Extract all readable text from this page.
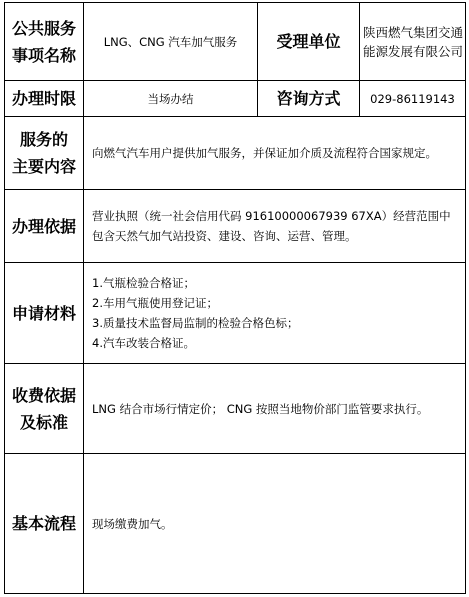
公共服务
事项名称	LNG、CNG 汽车加气服务	受理单位	陕西燃气集团交通能源发展有限公司
办理时限	当场办结	咨询方式	029-86119143

服务的
主要内容	向燃气汽车用户提供加气服务，并保证加介质及流程符合国家规定。		
办理依据	营业执照（统一社会信用代码 91610000067939 67XA）经营范围中包含天然气加气站投资、建设、咨询、运营、管理。		
申请材料	1.气瓶检验合格证；
2.车用气瓶使用登记证；
3.质量技术监督局监制的检验合格色标；
4.汽车改装合格证。		

收费依据
及标准	LNG 结合市场行情定价； CNG 按照当地物价部门监管要求执行。		
基本流程	现场缴费加气。		
